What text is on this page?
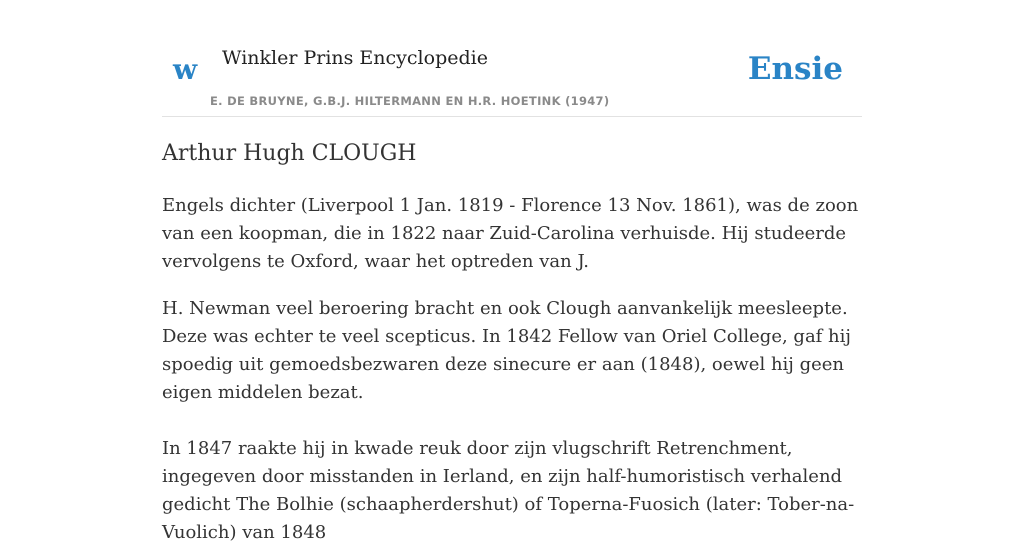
w Winkler Prins Encyclopedie
E. DE BRUYNE, G.B.J. HILTERMANN EN H.R. HOETINK (1947)
Ensie
Arthur Hugh CLOUGH

Engels dichter (Liverpool 1 Jan. 1819 - Florence 13 Nov. 1861), was de zoon van een koopman, die in 1822 naar Zuid-Carolina verhuisde. Hij studeerde vervolgens te Oxford, waar het optreden van J.

H. Newman veel beroering bracht en ook Clough aanvankelijk meesleepte. Deze was echter te veel scepticus. In 1842 Fellow van Oriel College, gaf hij spoedig uit gemoedsbezwaren deze sinecure er aan (1848), oewel hij geen eigen middelen bezat.

In 1847 raakte hij in kwade reuk door zijn vlugschrift Retrenchment, ingegeven door misstanden in Ierland, en zijn half-humoristisch verhalend gedicht The Bolhie (schaapherdershut) of Toperna-Fuosich (later: Tober-na-Vuolich) van 1848
